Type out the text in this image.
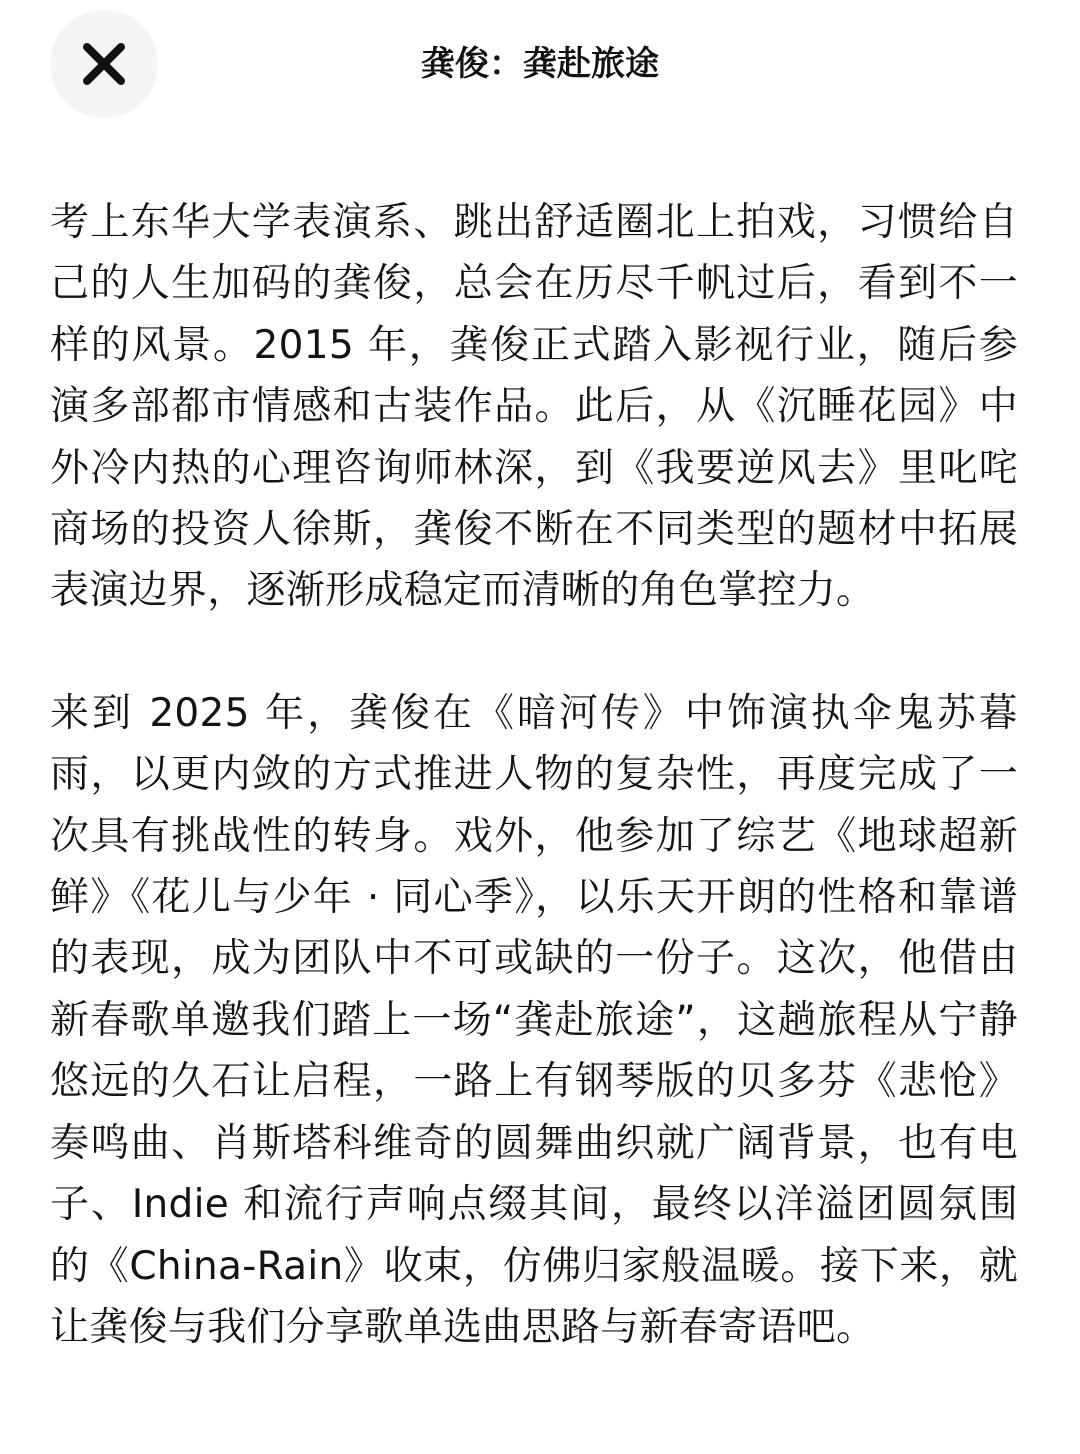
龚俊：龚赴旅途

考上东华大学表演系、跳出舒适圈北上拍戏，习惯给自己的人生加码的龚俊，总会在历尽千帆过后，看到不一样的风景。2015 年，龚俊正式踏入影视行业，随后参演多部都市情感和古装作品。此后，从《沉睡花园》中外冷内热的心理咨询师林深，到《我要逆风去》里叱咤商场的投资人徐斯，龚俊不断在不同类型的题材中拓展表演边界，逐渐形成稳定而清晰的角色掌控力。

来到 2025 年，龚俊在《暗河传》中饰演执伞鬼苏暮雨，以更内敛的方式推进人物的复杂性，再度完成了一次具有挑战性的转身。戏外，他参加了综艺《地球超新鲜》《花儿与少年 · 同心季》，以乐天开朗的性格和靠谱的表现，成为团队中不可或缺的一份子。这次，他借由新春歌单邀我们踏上一场“龚赴旅途”，这趟旅程从宁静悠远的久石让启程，一路上有钢琴版的贝多芬《悲怆》奏鸣曲、肖斯塔科维奇的圆舞曲织就广阔背景，也有电子、Indie 和流行声响点缀其间，最终以洋溢团圆氛围的《China-Rain》收束，仿佛归家般温暖。接下来，就让龚俊与我们分享歌单选曲思路与新春寄语吧。
